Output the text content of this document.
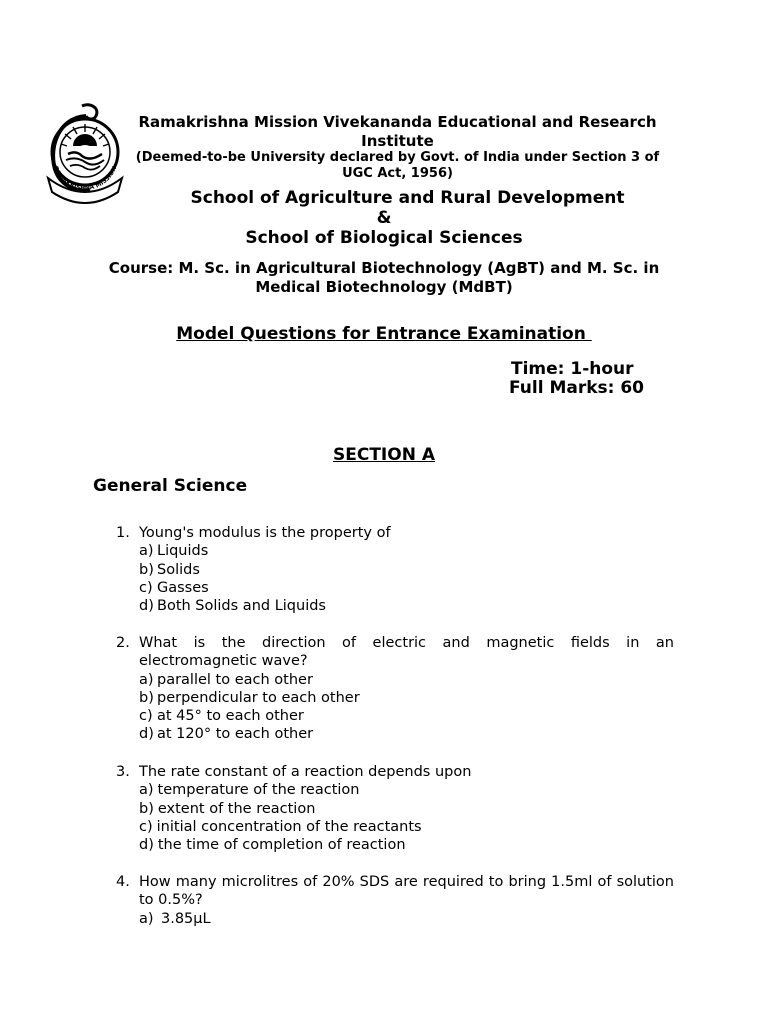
RAMAKRISHNA MISSION
Ramakrishna Mission Vivekananda Educational and Research Institute
(Deemed-to-be University declared by Govt. of India under Section 3 of UGC Act, 1956)
School of Agriculture and Rural Development
&
School of Biological Sciences
Course: M. Sc. in Agricultural Biotechnology (AgBT) and M. Sc. in Medical Biotechnology (MdBT)
Model Questions for Entrance Examination
Time: 1-hour
Full Marks: 60
SECTION A
General Science
1. Young's modulus is the property of
a) Liquids
b) Solids
c) Gasses
d) Both Solids and Liquids
2. What is the direction of electric and magnetic fields in an electromagnetic wave?
a) parallel to each other
b) perpendicular to each other
c) at 45° to each other
d) at 120° to each other
3. The rate constant of a reaction depends upon
a) temperature of the reaction
b) extent of the reaction
c) initial concentration of the reactants
d) the time of completion of reaction
4. How many microlitres of 20% SDS are required to bring 1.5ml of solution to 0.5%?
a) 3.85μL
